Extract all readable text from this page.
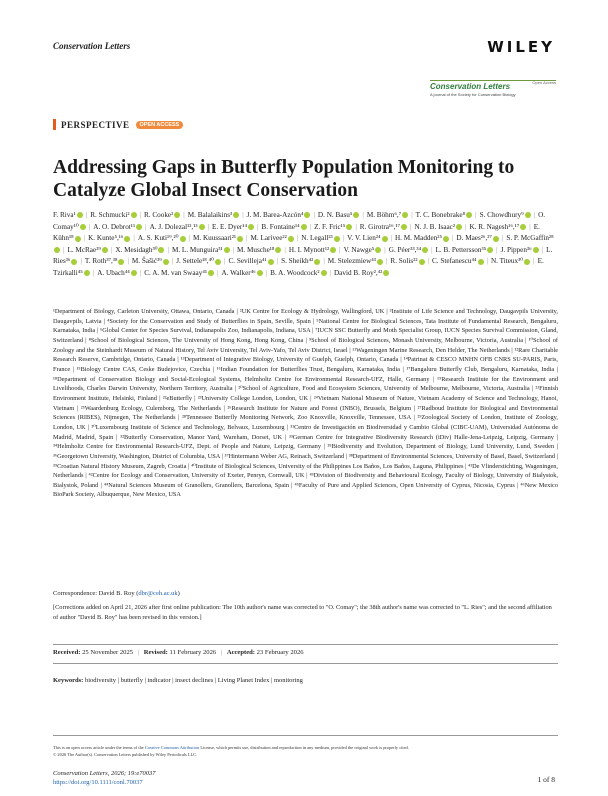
Conservation Letters	WILEY
Conservation Letters
A journal of the Society for Conservation Biology
Open Access
PERSPECTIVE	OPEN ACCESS
Addressing Gaps in Butterfly Population Monitoring to Catalyze Global Insect Conservation
F. Riva¹ | R. Schmucki² | R. Cooke² | M. Balalaikins³ | J. M. Barea-Azcón⁴ | D. N. Basu⁵ | M. Böhm⁶,⁷ | T. C. Bonebrake⁸ | S. Chowdhury⁹ | O. Comay¹⁰ | A. O. Debrot¹¹ | A. J. Dolezal¹²,¹³ | E. E. Dyer¹⁴ | B. Fontaine¹⁴ | Z. F. Fric¹⁵ | R. Girotra¹⁶,¹⁷ | N. J. B. Isaac² | K. R. Nagesh¹⁶,¹⁷ | E. Kühn¹⁸ | K. Kunte⁵,¹⁶ | A. S. Kuti¹⁹,²⁰ | M. Kuussaari²¹ | M. Larivee²² | N. Legall²³ | V. V. Lien²⁴ | H. M. Madden²⁵ | D. Maes²⁶,²⁷ | S. P. McGaffin²⁸| L. McRae²⁹ | X. Mesidagh³⁰ | M. L. Munguira³¹ | M. Musche¹⁸ | H. I. Mynott¹² | V. Nawge⁵ | G. Péer³³,³⁴ | L. B. Pettersson³⁵ | J. Pippen³⁶ | L. Ries³⁶ | T. Roth³⁷,³⁸ | M. Šašić³⁹ | J. Settele¹⁸,⁴⁰ | C. Sevilleja⁴¹ | S. Sheikh⁴² | M. Stelezmiew⁴³ | R. Solis²² | C. Stefanescu⁴⁴ | N. Titeux³⁰ | E. Tzirkalli⁴⁵ | A. Ubach⁴⁴ | C. A. M. van Swaay⁴¹ | A. Walker⁴⁶ | B. A. Woodcock² | David B. Roy²,⁴²
¹Department of Biology, Carleton University, Ottawa, Ontario, Canada | ²UK Centre for Ecology & Hydrology, Wallingford, UK | ³Institute of Life Science and Technology, Daugavpils University, Daugavpils, Latvia | ⁴Society for the Conservation and Study of Butterflies in Spain, Seville, Spain | ⁵National Centre for Biological Sciences, Tata Institute of Fundamental Research, Bengaluru, Karnataka, India | ⁶Global Center for Species Survival, Indianapolis Zoo, Indianapolis, Indiana, USA | ⁷IUCN SSC Butterfly and Moth Specialist Group, IUCN Species Survival Commission, Gland, Switzerland | ⁸School of Biological Sciences, The University of Hong Kong, Hong Kong, China | ⁹School of Biological Sciences, Monash University, Melbourne, Victoria, Australia | ¹⁰School of Zoology and the Steinhardt Museum of Natural History, Tel Aviv University, Tel Aviv-Yafo, Tel Aviv District, Israel | ¹¹Wageningen Marine Research, Den Helder, The Netherlands | ¹²Rare Charitable Research Reserve, Cambridge, Ontario, Canada | ¹³Department of Integrative Biology, University of Guelph, Guelph, Ontario, Canada | ¹⁴Patrinat & CESCO MNHN OFB CNRS SU-PARIS, Paris, France | ¹⁵Biology Centre CAS, Ceske Budejovice, Czechia | ¹⁶Indian Foundation for Butterflies Trust, Bengaluru, Karnataka, India | ¹⁷Bangaluru Butterfly Club, Bengaluru, Karnataka, India | ¹⁸Department of Conservation Biology and Social-Ecological Systems, Helmholtz Centre for Environmental Research-UFZ, Halle, Germany | ¹⁹Research Institute for the Environment and Livelihoods, Charles Darwin University, Northern Territory, Australia | ²⁰School of Agriculture, Food and Ecosystem Sciences, University of Melbourne, Melbourne, Victoria, Australia | ²¹Finnish Environment Institute, Helsinki, Finland | ²²eButterfly | ²³University College London, London, UK | ²⁴Vietnam National Museum of Nature, Vietnam Academy of Science and Technology, Hanoi, Vietnam | ²⁵Waardenburg Ecology, Culemborg, The Netherlands | ²⁶Research Institute for Nature and Forest (INBO), Brussels, Belgium | ²⁷Radboud Institute for Biological and Environmental Sciences (RIBES), Nijmegen, The Netherlands | ²⁸Tennessee Butterfly Monitoring Network, Zoo Knoxville, Knoxville, Tennessee, USA | ²⁹Zoological Society of London, Institute of Zoology, London, UK | ³⁰Luxembourg Institute of Science and Technology, Belvaux, Luxembourg | ³¹Centro de Investigación en Biodiversidad y Cambio Global (CIBC-UAM), Universidad Autónoma de Madrid, Madrid, Spain | ³²Butterfly Conservation, Manor Yard, Wareham, Dorset, UK | ³³German Centre for Integrative Biodiversity Research (iDiv) Halle-Jena-Leipzig, Leipzig, Germany | ³⁴Helmholtz Centre for Environmental Research-UFZ, Dept. of People and Nature, Leipzig, Germany | ³⁵Biodiversity and Evolution, Department of Biology, Lund University, Lund, Sweden | ³⁶Georgetown University, Washington, District of Columbia, USA | ³⁷Hintermann Weber AG, Reinach, Switzerland | ³⁸Department of Environmental Sciences, University of Basel, Basel, Switzerland | ³⁹Croatian Natural History Museum, Zagreb, Croatia | ⁴⁰Institute of Biological Sciences, University of the Philippines Los Baños, Los Baños, Laguna, Philippines | ⁴¹De Vlinderstichting, Wageningen, Netherlands | ⁴²Centre for Ecology and Conservation, University of Exeter, Penryn, Cornwall, UK | ⁴³Division of Biodiversity and Behavioural Ecology, Faculty of Biology, University of Bialystok, Bialystok, Poland | ⁴⁴Natural Sciences Museum of Granollers, Granollers, Barcelona, Spain | ⁴⁵Faculty of Pure and Applied Sciences, Open University of Cyprus, Nicosia, Cyprus | ⁴⁶New Mexico BioPark Society, Albuquerque, New Mexico, USA
Correspondence: David B. Roy (dbr@ceh.ac.uk)
[Corrections added on April 21, 2026 after first online publication: The 10th author's name was corrected to "O. Comay"; the 38th author's name was corrected to "L. Ries"; and the second affiliation of author "David B. Roy" has been revised in this version.]
Received: 25 November 2025 | Revised: 11 February 2026 | Accepted: 23 February 2026
Keywords: biodiversity | butterfly | indicator | insect declines | Living Planet Index | monitoring
This is an open access article under the terms of the Creative Commons Attribution License, which permits use, distribution and reproduction in any medium, provided the original work is properly cited.
© 2026 The Author(s). Conservation Letters published by Wiley Periodicals LLC.
Conservation Letters, 2026; 19:e70037
https://doi.org/10.1111/conl.70037	1 of 8
